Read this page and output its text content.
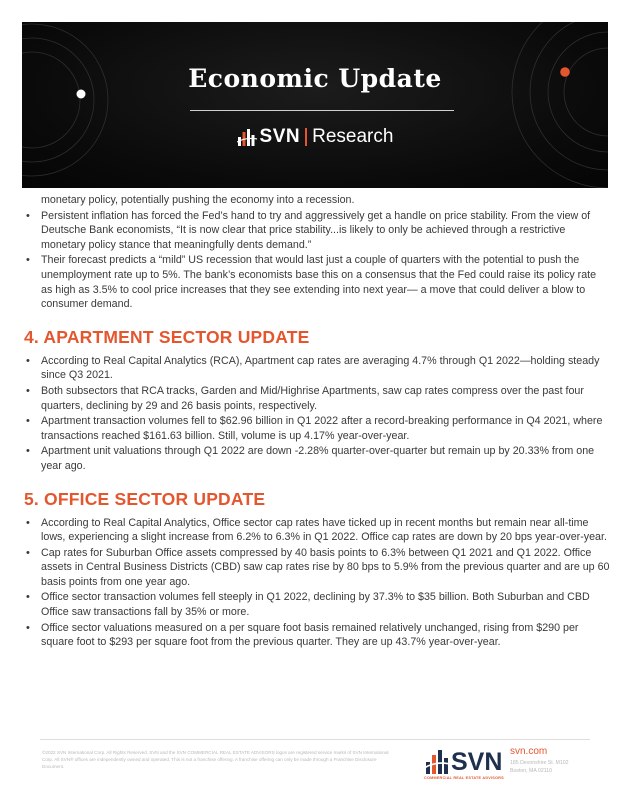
Economic Update
SVN Research
monetary policy, potentially pushing the economy into a recession.
• Persistent inflation has forced the Fed’s hand to try and aggressively get a handle on price stability. From the view of Deutsche Bank economists, “It is now clear that price stability...is likely to only be achieved through a restrictive monetary policy stance that meaningfully dents demand.”
• Their forecast predicts a “mild” US recession that would last just a couple of quarters with the potential to push the unemployment rate up to 5%. The bank’s economists base this on a consensus that the Fed could raise its policy rate as high as 3.5% to cool price increases that they see extending into next year— a move that could deliver a blow to consumer demand.
4. APARTMENT SECTOR UPDATE
• According to Real Capital Analytics (RCA), Apartment cap rates are averaging 4.7% through Q1 2022—holding steady since Q3 2021.
• Both subsectors that RCA tracks, Garden and Mid/Highrise Apartments, saw cap rates compress over the past four quarters, declining by 29 and 26 basis points, respectively.
• Apartment transaction volumes fell to $62.96 billion in Q1 2022 after a record-breaking performance in Q4 2021, where transactions reached $161.63 billion. Still, volume is up 4.17% year-over-year.
• Apartment unit valuations through Q1 2022 are down -2.28% quarter-over-quarter but remain up by 20.33% from one year ago.
5. OFFICE SECTOR UPDATE
• According to Real Capital Analytics, Office sector cap rates have ticked up in recent months but remain near all-time lows, experiencing a slight increase from 6.2% to 6.3% in Q1 2022. Office cap rates are down by 20 bps year-over-year.
• Cap rates for Suburban Office assets compressed by 40 basis points to 6.3% between Q1 2021 and Q1 2022. Office assets in Central Business Districts (CBD) saw cap rates rise by 80 bps to 5.9% from the previous quarter and are up 60 basis points from one year ago.
• Office sector transaction volumes fell steeply in Q1 2022, declining by 37.3% to $35 billion. Both Suburban and CBD Office saw transactions fall by 35% or more.
• Office sector valuations measured on a per square foot basis remained relatively unchanged, rising from $290 per square foot to $293 per square foot from the previous quarter. They are up 43.7% year-over-year.
©2022 SVN International Corp. All Rights Reserved. SVN and the SVN COMMERCIAL REAL ESTATE ADVISORS logos are registered service marks of SVN International Corp. All SVN® offices are independently owned and operated. This is not a franchise offering. A franchise offering can only be made through a Franchise Disclosure Document.	SVN
COMMERCIAL REAL ESTATE ADVISORS
svn.com
185 Devonshire St. M102
Boston, MA 02110
